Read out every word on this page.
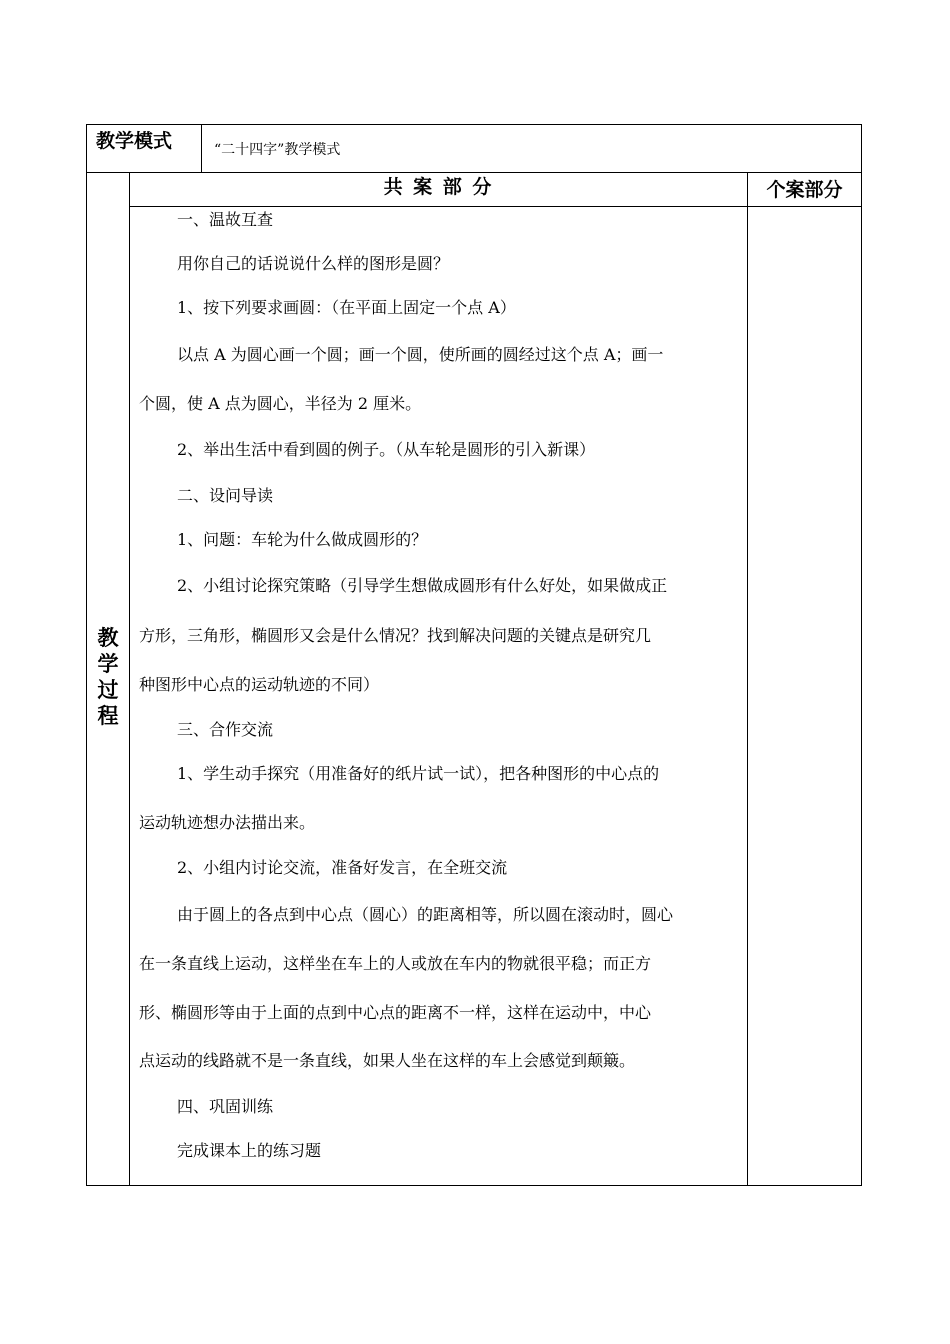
教学模式	“二十四字”教学模式
共 案 部 分	个案部分
教
学
过
程
一、温故互查
用你自己的话说说什么样的图形是圆？
1、按下列要求画圆：（在平面上固定一个点 A）
以点 A 为圆心画一个圆；画一个圆，使所画的圆经过这个点 A；画一
个圆，使 A 点为圆心，半径为 2 厘米。
2、举出生活中看到圆的例子。（从车轮是圆形的引入新课）
二、设问导读
1、问题：车轮为什么做成圆形的？
2、小组讨论探究策略（引导学生想做成圆形有什么好处，如果做成正
方形，三角形，椭圆形又会是什么情况？找到解决问题的关键点是研究几
种图形中心点的运动轨迹的不同）
三、合作交流
1、学生动手探究（用准备好的纸片试一试），把各种图形的中心点的
运动轨迹想办法描出来。
2、小组内讨论交流，准备好发言，在全班交流
由于圆上的各点到中心点（圆心）的距离相等，所以圆在滚动时，圆心
在一条直线上运动，这样坐在车上的人或放在车内的物就很平稳；而正方
形、椭圆形等由于上面的点到中心点的距离不一样，这样在运动中，中心
点运动的线路就不是一条直线，如果人坐在这样的车上会感觉到颠簸。
四、巩固训练
完成课本上的练习题
